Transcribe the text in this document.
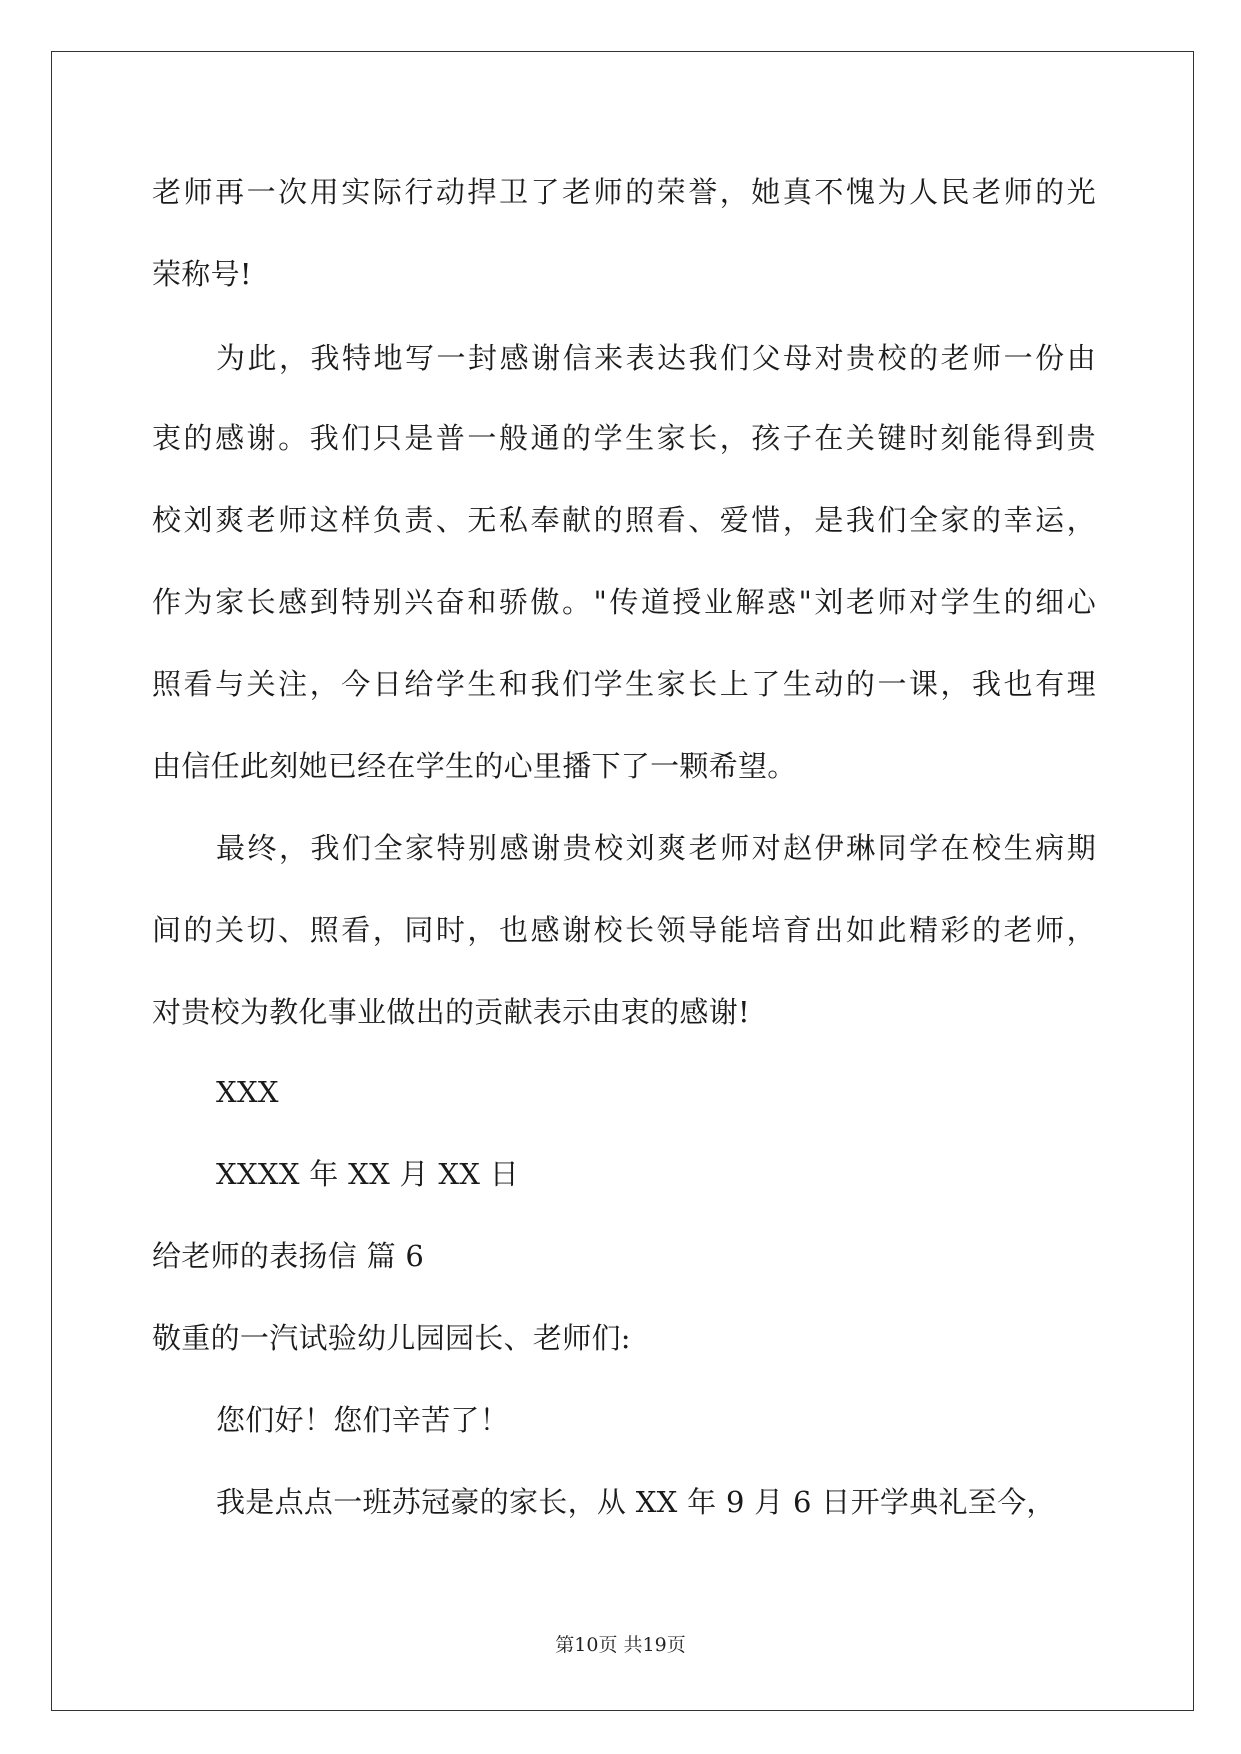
老师再一次用实际行动捍卫了老师的荣誉，她真不愧为人民老师的光
荣称号!
为此，我特地写一封感谢信来表达我们父母对贵校的老师一份由
衷的感谢。我们只是普一般通的学生家长，孩子在关键时刻能得到贵
校刘爽老师这样负责、无私奉献的照看、爱惜，是我们全家的幸运，
作为家长感到特别兴奋和骄傲。"传道授业解惑"刘老师对学生的细心
照看与关注，今日给学生和我们学生家长上了生动的一课，我也有理
由信任此刻她已经在学生的心里播下了一颗希望。
最终，我们全家特别感谢贵校刘爽老师对赵伊琳同学在校生病期
间的关切、照看，同时，也感谢校长领导能培育出如此精彩的老师，
对贵校为教化事业做出的贡献表示由衷的感谢!
XXX
XXXX 年 XX 月 XX 日
给老师的表扬信 篇 6
敬重的一汽试验幼儿园园长、老师们:
您们好！您们辛苦了！
我是点点一班苏冠豪的家长，从 XX 年 9 月 6 日开学典礼至今，
第10页 共19页
